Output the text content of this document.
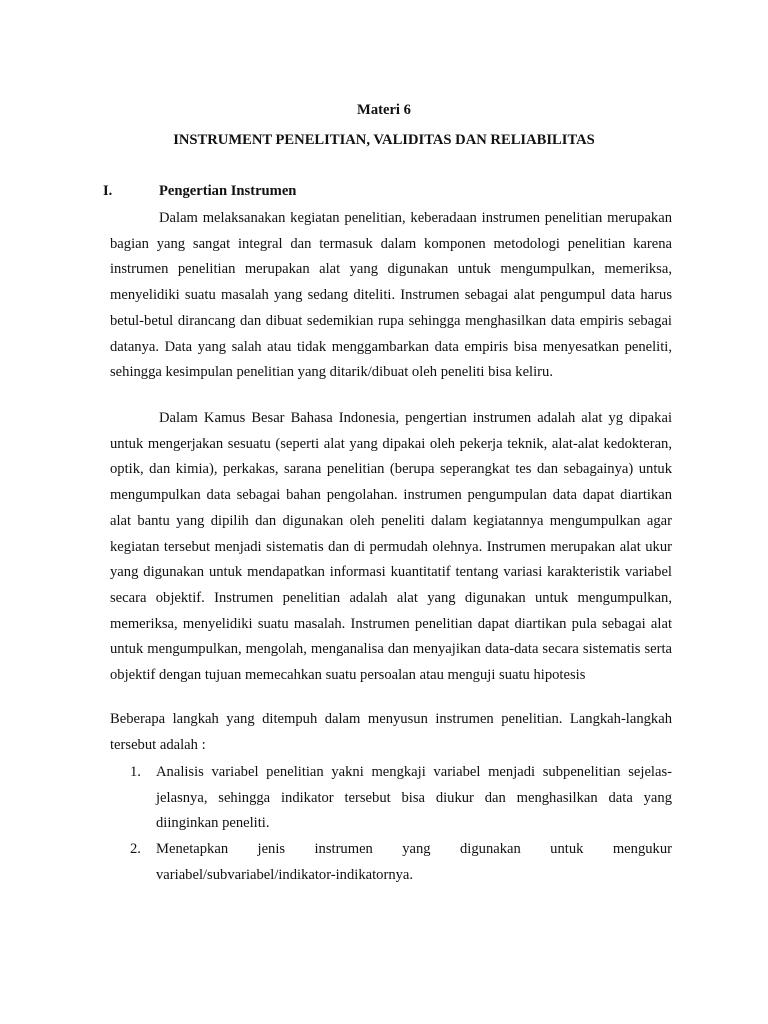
Materi 6
INSTRUMENT PENELITIAN, VALIDITAS DAN RELIABILITAS
I.	Pengertian Instrumen

Dalam melaksanakan kegiatan penelitian, keberadaan instrumen penelitian merupakan bagian yang sangat integral dan termasuk dalam komponen metodologi penelitian karena instrumen penelitian merupakan alat yang digunakan untuk mengumpulkan, memeriksa, menyelidiki suatu masalah yang sedang diteliti. Instrumen sebagai alat pengumpul data harus betul-betul dirancang dan dibuat sedemikian rupa sehingga menghasilkan data empiris sebagai datanya. Data yang salah atau tidak menggambarkan data empiris bisa menyesatkan peneliti, sehingga kesimpulan penelitian yang ditarik/dibuat oleh peneliti bisa keliru.

Dalam Kamus Besar Bahasa Indonesia, pengertian instrumen adalah alat yg dipakai untuk mengerjakan sesuatu (seperti alat yang dipakai oleh pekerja teknik, alat-alat kedokteran, optik, dan kimia), perkakas, sarana penelitian (berupa seperangkat tes dan sebagainya) untuk mengumpulkan data sebagai bahan pengolahan. instrumen pengumpulan data dapat diartikan alat bantu yang dipilih dan digunakan oleh peneliti dalam kegiatannya mengumpulkan agar kegiatan tersebut menjadi sistematis dan di permudah olehnya. Instrumen merupakan alat ukur yang digunakan untuk mendapatkan informasi kuantitatif tentang variasi karakteristik variabel secara objektif. Instrumen penelitian adalah alat yang digunakan untuk mengumpulkan, memeriksa, menyelidiki suatu masalah. Instrumen penelitian dapat diartikan pula sebagai alat untuk mengumpulkan, mengolah, menganalisa dan menyajikan data-data secara sistematis serta objektif dengan tujuan memecahkan suatu persoalan atau menguji suatu hipotesis

Beberapa langkah yang ditempuh dalam menyusun instrumen penelitian. Langkah-langkah tersebut adalah :

1. Analisis variabel penelitian yakni mengkaji variabel menjadi subpenelitian sejelas-jelasnya, sehingga indikator tersebut bisa diukur dan menghasilkan data yang diinginkan peneliti.
2. Menetapkan jenis instrumen yang digunakan untuk mengukur variabel/subvariabel/indikator-indikatornya.
